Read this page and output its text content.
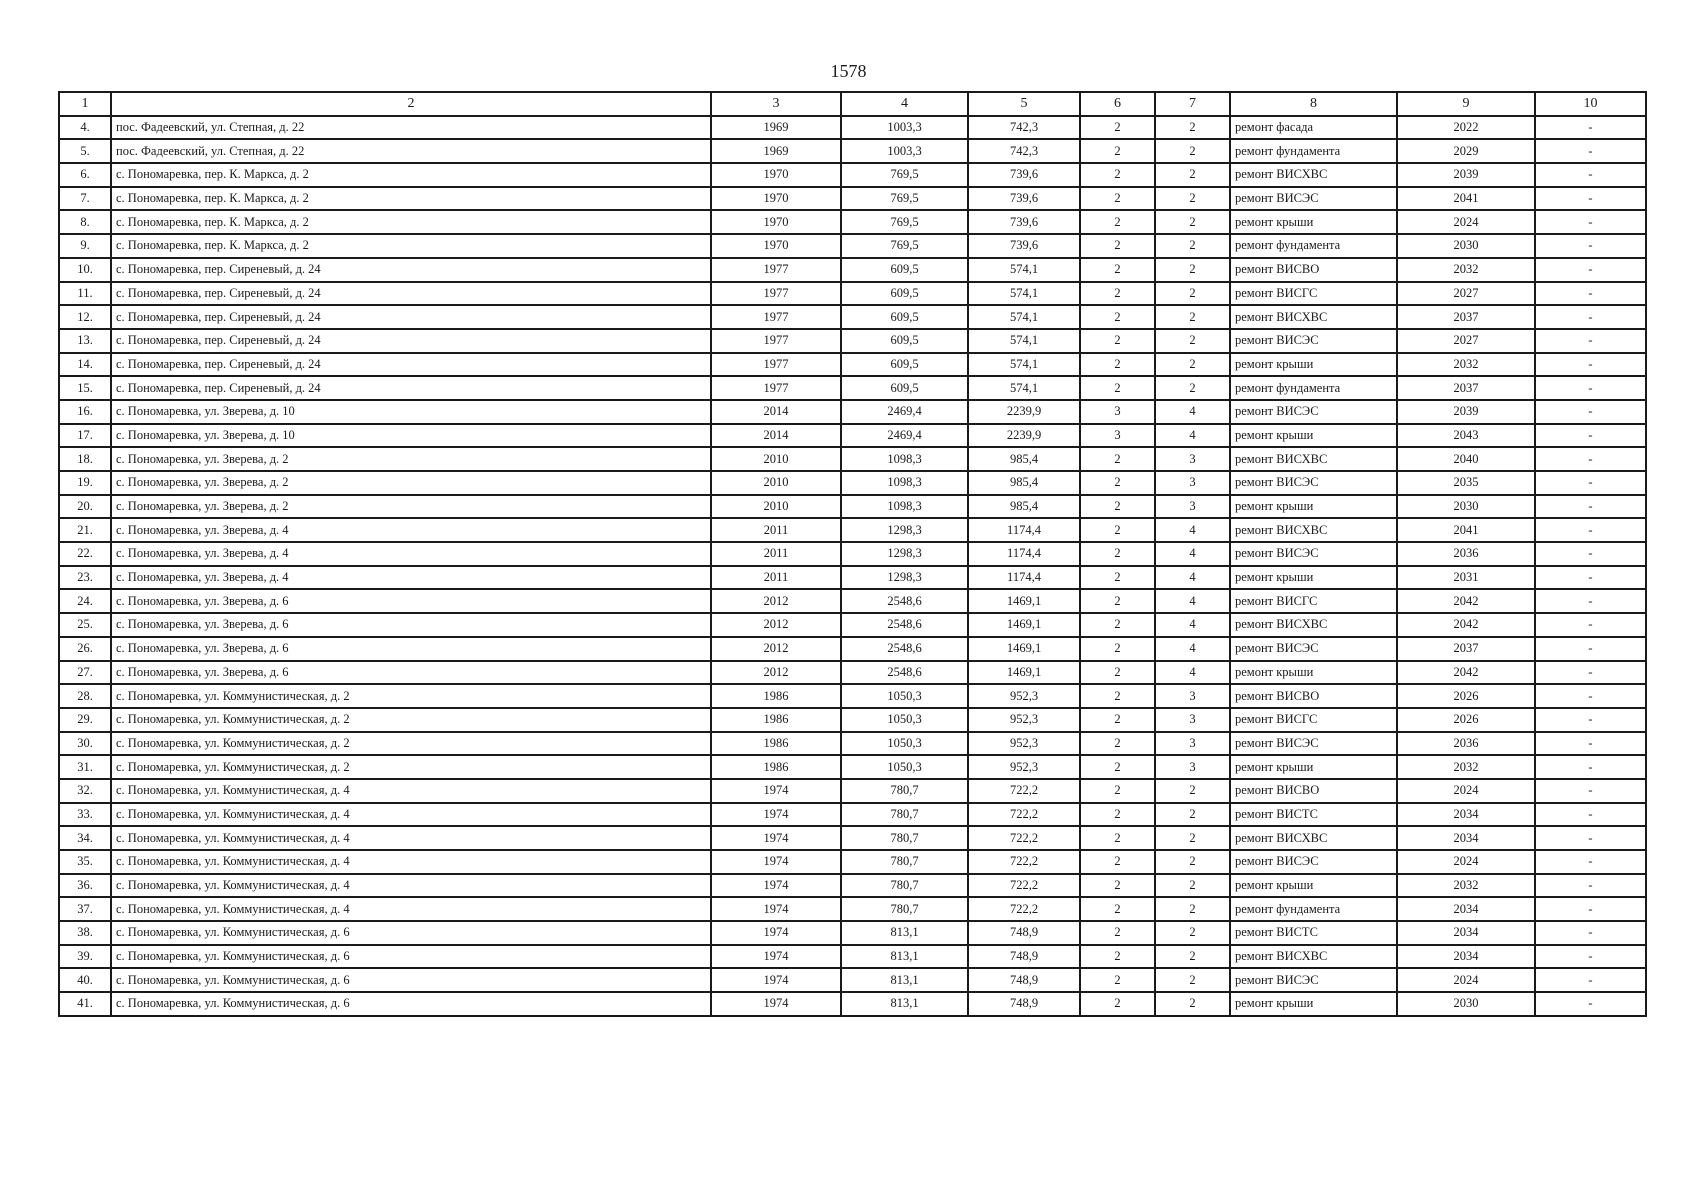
1578
1	2	3	4	5	6	7	8	9	10
4.	пос. Фадеевский, ул. Степная, д. 22	1969	1003,3	742,3	2	2	ремонт фасада	2022	-
5.	пос. Фадеевский, ул. Степная, д. 22	1969	1003,3	742,3	2	2	ремонт фундамента	2029	-
6.	с. Пономаревка, пер. К. Маркса, д. 2	1970	769,5	739,6	2	2	ремонт ВИСХВС	2039	-
7.	с. Пономаревка, пер. К. Маркса, д. 2	1970	769,5	739,6	2	2	ремонт ВИСЭС	2041	-
8.	с. Пономаревка, пер. К. Маркса, д. 2	1970	769,5	739,6	2	2	ремонт крыши	2024	-
9.	с. Пономаревка, пер. К. Маркса, д. 2	1970	769,5	739,6	2	2	ремонт фундамента	2030	-
10.	с. Пономаревка, пер. Сиреневый, д. 24	1977	609,5	574,1	2	2	ремонт ВИСВО	2032	-
11.	с. Пономаревка, пер. Сиреневый, д. 24	1977	609,5	574,1	2	2	ремонт ВИСГС	2027	-
12.	с. Пономаревка, пер. Сиреневый, д. 24	1977	609,5	574,1	2	2	ремонт ВИСХВС	2037	-
13.	с. Пономаревка, пер. Сиреневый, д. 24	1977	609,5	574,1	2	2	ремонт ВИСЭС	2027	-
14.	с. Пономаревка, пер. Сиреневый, д. 24	1977	609,5	574,1	2	2	ремонт крыши	2032	-
15.	с. Пономаревка, пер. Сиреневый, д. 24	1977	609,5	574,1	2	2	ремонт фундамента	2037	-
16.	с. Пономаревка, ул. Зверева, д. 10	2014	2469,4	2239,9	3	4	ремонт ВИСЭС	2039	-
17.	с. Пономаревка, ул. Зверева, д. 10	2014	2469,4	2239,9	3	4	ремонт крыши	2043	-
18.	с. Пономаревка, ул. Зверева, д. 2	2010	1098,3	985,4	2	3	ремонт ВИСХВС	2040	-
19.	с. Пономаревка, ул. Зверева, д. 2	2010	1098,3	985,4	2	3	ремонт ВИСЭС	2035	-
20.	с. Пономаревка, ул. Зверева, д. 2	2010	1098,3	985,4	2	3	ремонт крыши	2030	-
21.	с. Пономаревка, ул. Зверева, д. 4	2011	1298,3	1174,4	2	4	ремонт ВИСХВС	2041	-
22.	с. Пономаревка, ул. Зверева, д. 4	2011	1298,3	1174,4	2	4	ремонт ВИСЭС	2036	-
23.	с. Пономаревка, ул. Зверева, д. 4	2011	1298,3	1174,4	2	4	ремонт крыши	2031	-
24.	с. Пономаревка, ул. Зверева, д. 6	2012	2548,6	1469,1	2	4	ремонт ВИСГС	2042	-
25.	с. Пономаревка, ул. Зверева, д. 6	2012	2548,6	1469,1	2	4	ремонт ВИСХВС	2042	-
26.	с. Пономаревка, ул. Зверева, д. 6	2012	2548,6	1469,1	2	4	ремонт ВИСЭС	2037	-
27.	с. Пономаревка, ул. Зверева, д. 6	2012	2548,6	1469,1	2	4	ремонт крыши	2042	-
28.	с. Пономаревка, ул. Коммунистическая, д. 2	1986	1050,3	952,3	2	3	ремонт ВИСВО	2026	-
29.	с. Пономаревка, ул. Коммунистическая, д. 2	1986	1050,3	952,3	2	3	ремонт ВИСГС	2026	-
30.	с. Пономаревка, ул. Коммунистическая, д. 2	1986	1050,3	952,3	2	3	ремонт ВИСЭС	2036	-
31.	с. Пономаревка, ул. Коммунистическая, д. 2	1986	1050,3	952,3	2	3	ремонт крыши	2032	-
32.	с. Пономаревка, ул. Коммунистическая, д. 4	1974	780,7	722,2	2	2	ремонт ВИСВО	2024	-
33.	с. Пономаревка, ул. Коммунистическая, д. 4	1974	780,7	722,2	2	2	ремонт ВИСТС	2034	-
34.	с. Пономаревка, ул. Коммунистическая, д. 4	1974	780,7	722,2	2	2	ремонт ВИСХВС	2034	-
35.	с. Пономаревка, ул. Коммунистическая, д. 4	1974	780,7	722,2	2	2	ремонт ВИСЭС	2024	-
36.	с. Пономаревка, ул. Коммунистическая, д. 4	1974	780,7	722,2	2	2	ремонт крыши	2032	-
37.	с. Пономаревка, ул. Коммунистическая, д. 4	1974	780,7	722,2	2	2	ремонт фундамента	2034	-
38.	с. Пономаревка, ул. Коммунистическая, д. 6	1974	813,1	748,9	2	2	ремонт ВИСТС	2034	-
39.	с. Пономаревка, ул. Коммунистическая, д. 6	1974	813,1	748,9	2	2	ремонт ВИСХВС	2034	-
40.	с. Пономаревка, ул. Коммунистическая, д. 6	1974	813,1	748,9	2	2	ремонт ВИСЭС	2024	-
41.	с. Пономаревка, ул. Коммунистическая, д. 6	1974	813,1	748,9	2	2	ремонт крыши	2030	-
